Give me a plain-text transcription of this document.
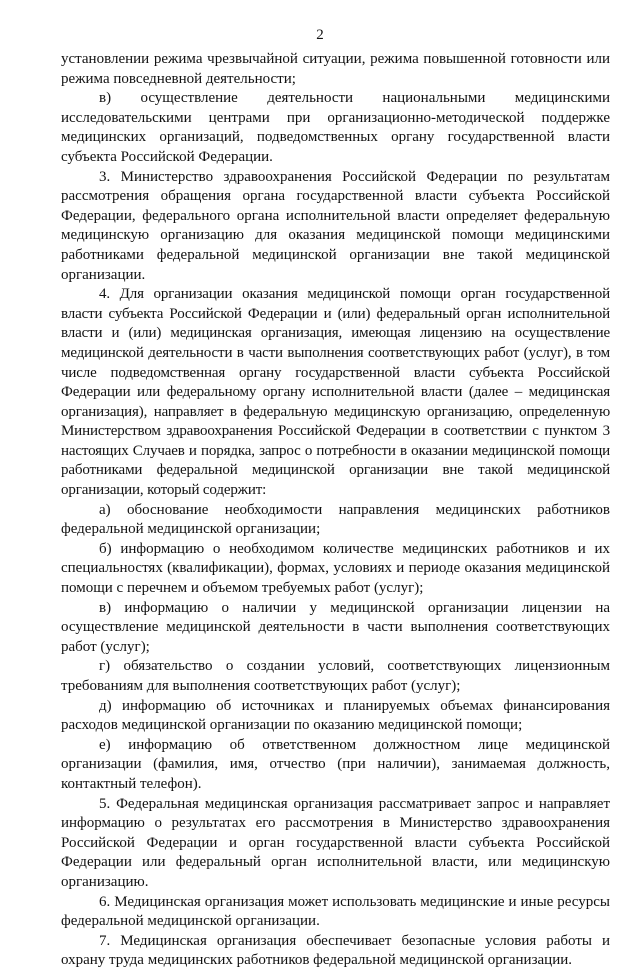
2

установлении режима чрезвычайной ситуации, режима повышенной готовности или режима повседневной деятельности;

в) осуществление деятельности национальными медицинскими исследовательскими центрами при организационно-методической поддержке медицинских организаций, подведомственных органу государственной власти субъекта Российской Федерации.

3. Министерство здравоохранения Российской Федерации по результатам рассмотрения обращения органа государственной власти субъекта Российской Федерации, федерального органа исполнительной власти определяет федеральную медицинскую организацию для оказания медицинской помощи медицинскими работниками федеральной медицинской организации вне такой медицинской организации.

4. Для организации оказания медицинской помощи орган государственной власти субъекта Российской Федерации и (или) федеральный орган исполнительной власти и (или) медицинская организация, имеющая лицензию на осуществление медицинской деятельности в части выполнения соответствующих работ (услуг), в том числе подведомственная органу государственной власти субъекта Российской Федерации или федеральному органу исполнительной власти (далее – медицинская организация), направляет в федеральную медицинскую организацию, определенную Министерством здравоохранения Российской Федерации в соответствии с пунктом 3 настоящих Случаев и порядка, запрос о потребности в оказании медицинской помощи работниками федеральной медицинской организации вне такой медицинской организации, который содержит:

а) обоснование необходимости направления медицинских работников федеральной медицинской организации;

б) информацию о необходимом количестве медицинских работников и их специальностях (квалификации), формах, условиях и периоде оказания медицинской помощи с перечнем и объемом требуемых работ (услуг);

в) информацию о наличии у медицинской организации лицензии на осуществление медицинской деятельности в части выполнения соответствующих работ (услуг);

г) обязательство о создании условий, соответствующих лицензионным требованиям для выполнения соответствующих работ (услуг);

д) информацию об источниках и планируемых объемах финансирования расходов медицинской организации по оказанию медицинской помощи;

е) информацию об ответственном должностном лице медицинской организации (фамилия, имя, отчество (при наличии), занимаемая должность, контактный телефон).

5. Федеральная медицинская организация рассматривает запрос и направляет информацию о результатах его рассмотрения в Министерство здравоохранения Российской Федерации и орган государственной власти субъекта Российской Федерации или федеральный орган исполнительной власти, или медицинскую организацию.

6. Медицинская организация может использовать медицинские и иные ресурсы федеральной медицинской организации.

7. Медицинская организация обеспечивает безопасные условия работы и охрану труда медицинских работников федеральной медицинской организации.
